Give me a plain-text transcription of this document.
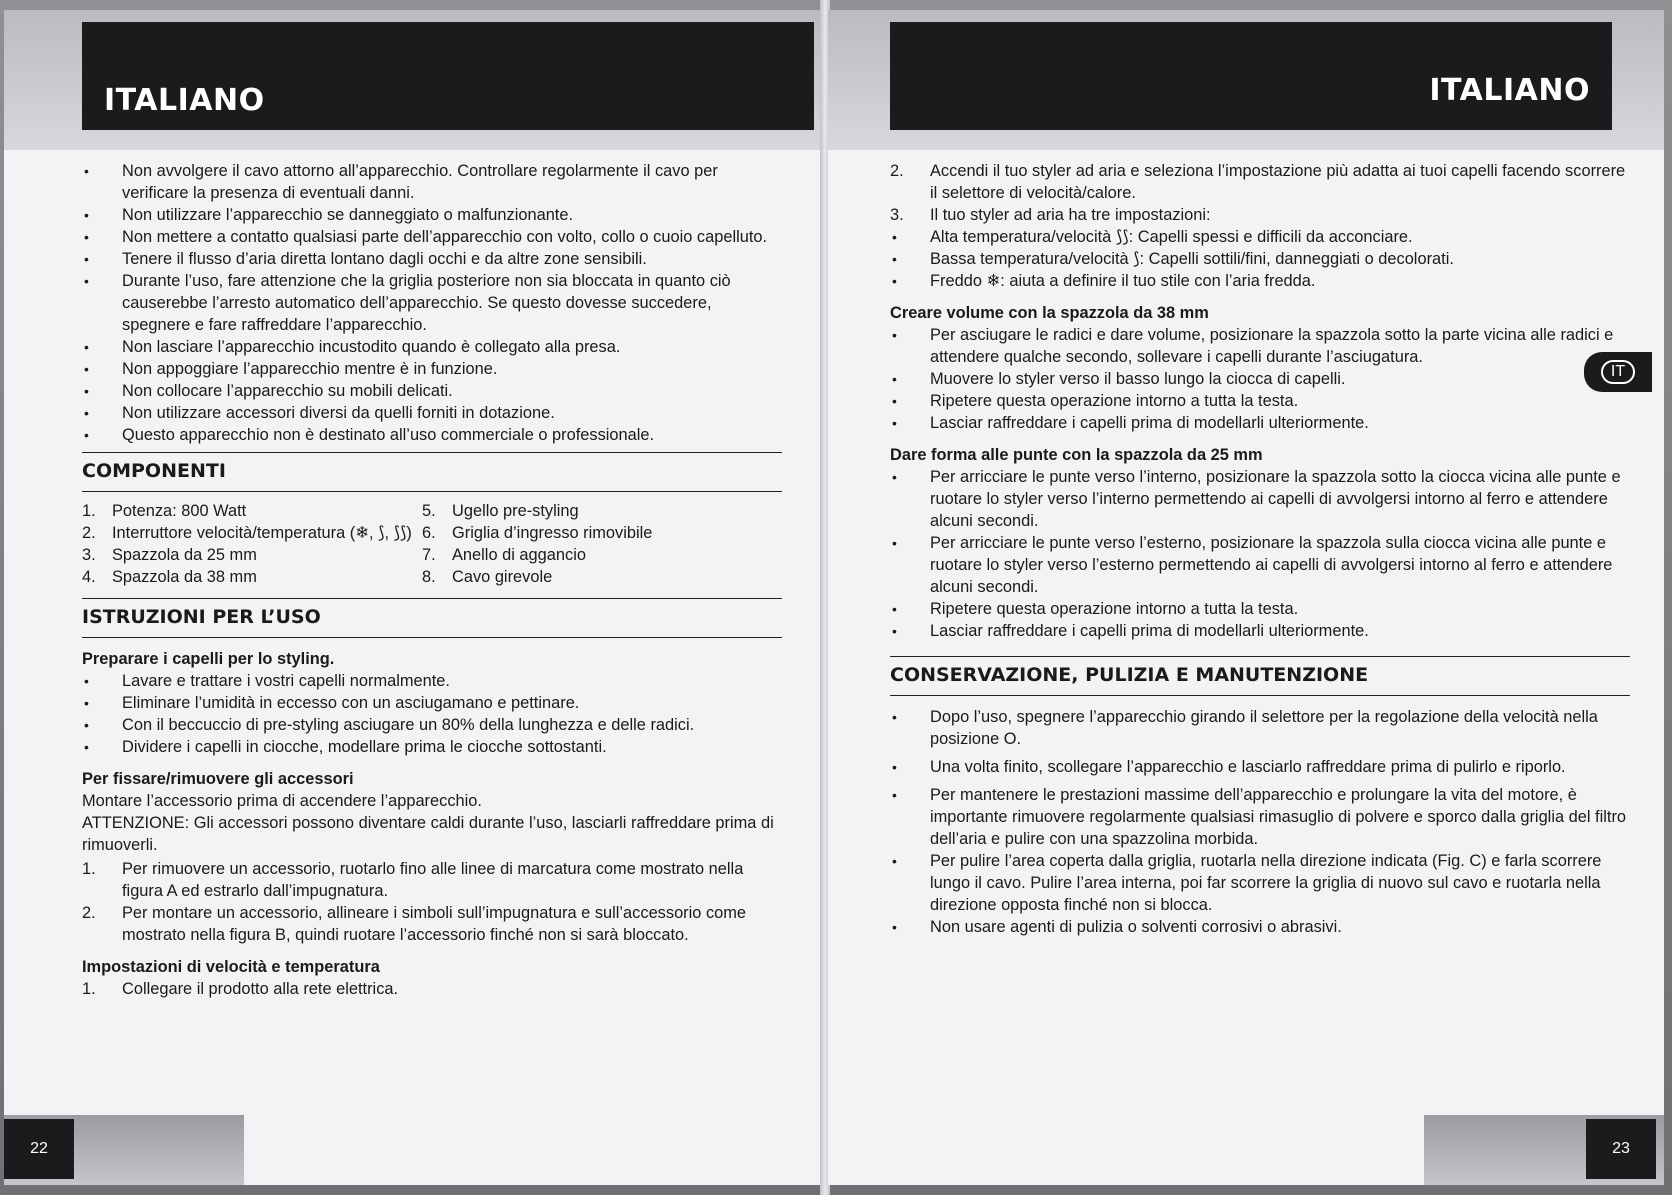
ITALIANO
• Non avvolgere il cavo attorno all’apparecchio. Controllare regolarmente il cavo per verificare la presenza di eventuali danni.
• Non utilizzare l’apparecchio se danneggiato o malfunzionante.
• Non mettere a contatto qualsiasi parte dell’apparecchio con volto, collo o cuoio capelluto.
• Tenere il flusso d’aria diretta lontano dagli occhi e da altre zone sensibili.
• Durante l’uso, fare attenzione che la griglia posteriore non sia bloccata in quanto ciò causerebbe l’arresto automatico dell’apparecchio. Se questo dovesse succedere, spegnere e fare raffreddare l’apparecchio.
• Non lasciare l’apparecchio incustodito quando è collegato alla presa.
• Non appoggiare l’apparecchio mentre è in funzione.
• Non collocare l’apparecchio su mobili delicati.
• Non utilizzare accessori diversi da quelli forniti in dotazione.
• Questo apparecchio non è destinato all’uso commerciale o professionale.
COMPONENTI
1. Potenza: 800 Watt
2. Interruttore velocità/temperatura (❄, ⟆, ⟆⟆)
3. Spazzola da 25 mm
4. Spazzola da 38 mm
5. Ugello pre-styling
6. Griglia d’ingresso rimovibile
7. Anello di aggancio
8. Cavo girevole
ISTRUZIONI PER L’USO

Preparare i capelli per lo styling.

• Lavare e trattare i vostri capelli normalmente.
• Eliminare l’umidità in eccesso con un asciugamano e pettinare.
• Con il beccuccio di pre-styling asciugare un 80% della lunghezza e delle radici.
• Dividere i capelli in ciocche, modellare prima le ciocche sottostanti.

Per fissare/rimuovere gli accessori

Montare l’accessorio prima di accendere l’apparecchio.

ATTENZIONE: Gli accessori possono diventare caldi durante l’uso, lasciarli raffreddare prima di rimuoverli.

1.	Per rimuovere un accessorio, ruotarlo fino alle linee di marcatura come mostrato nella figura A ed estrarlo dall’impugnatura.
2.	Per montare un accessorio, allineare i simboli sull’impugnatura e sull’accessorio come mostrato nella figura B, quindi ruotare l’accessorio finché non si sarà bloccato.

Impostazioni di velocità e temperatura

1.	Collegare il prodotto alla rete elettrica.
22
ITALIANO
IT
2.	Accendi il tuo styler ad aria e seleziona l’impostazione più adatta ai tuoi capelli facendo scorrere il selettore di velocità/calore.
3.	Il tuo styler ad aria ha tre impostazioni:
• Alta temperatura/velocità ⟆⟆: Capelli spessi e difficili da acconciare.
• Bassa temperatura/velocità ⟆: Capelli sottili/fini, danneggiati o decolorati.
• Freddo ❄: aiuta a definire il tuo stile con l’aria fredda.

Creare volume con la spazzola da 38 mm

• Per asciugare le radici e dare volume, posizionare la spazzola sotto la parte vicina alle radici e attendere qualche secondo, sollevare i capelli durante l’asciugatura.
• Muovere lo styler verso il basso lungo la ciocca di capelli.
• Ripetere questa operazione intorno a tutta la testa.
• Lasciar raffreddare i capelli prima di modellarli ulteriormente.

Dare forma alle punte con la spazzola da 25 mm

• Per arricciare le punte verso l’interno, posizionare la spazzola sotto la ciocca vicina alle punte e ruotare lo styler verso l’interno permettendo ai capelli di avvolgersi intorno al ferro e attendere alcuni secondi.
• Per arricciare le punte verso l’esterno, posizionare la spazzola sulla ciocca vicina alle punte e ruotare lo styler verso l’esterno permettendo ai capelli di avvolgersi intorno al ferro e attendere alcuni secondi.
• Ripetere questa operazione intorno a tutta la testa.
• Lasciar raffreddare i capelli prima di modellarli ulteriormente.
CONSERVAZIONE, PULIZIA E MANUTENZIONE
• Dopo l’uso, spegnere l’apparecchio girando il selettore per la regolazione della velocità nella posizione O.
• Una volta finito, scollegare l’apparecchio e lasciarlo raffreddare prima di pulirlo e riporlo.
• Per mantenere le prestazioni massime dell’apparecchio e prolungare la vita del motore, è importante rimuovere regolarmente qualsiasi rimasuglio di polvere e sporco dalla griglia del filtro dell’aria e pulire con una spazzolina morbida.
• Per pulire l’area coperta dalla griglia, ruotarla nella direzione indicata (Fig. C) e farla scorrere lungo il cavo. Pulire l’area interna, poi far scorrere la griglia di nuovo sul cavo e ruotarla nella direzione opposta finché non si blocca.
• Non usare agenti di pulizia o solventi corrosivi o abrasivi.
23
